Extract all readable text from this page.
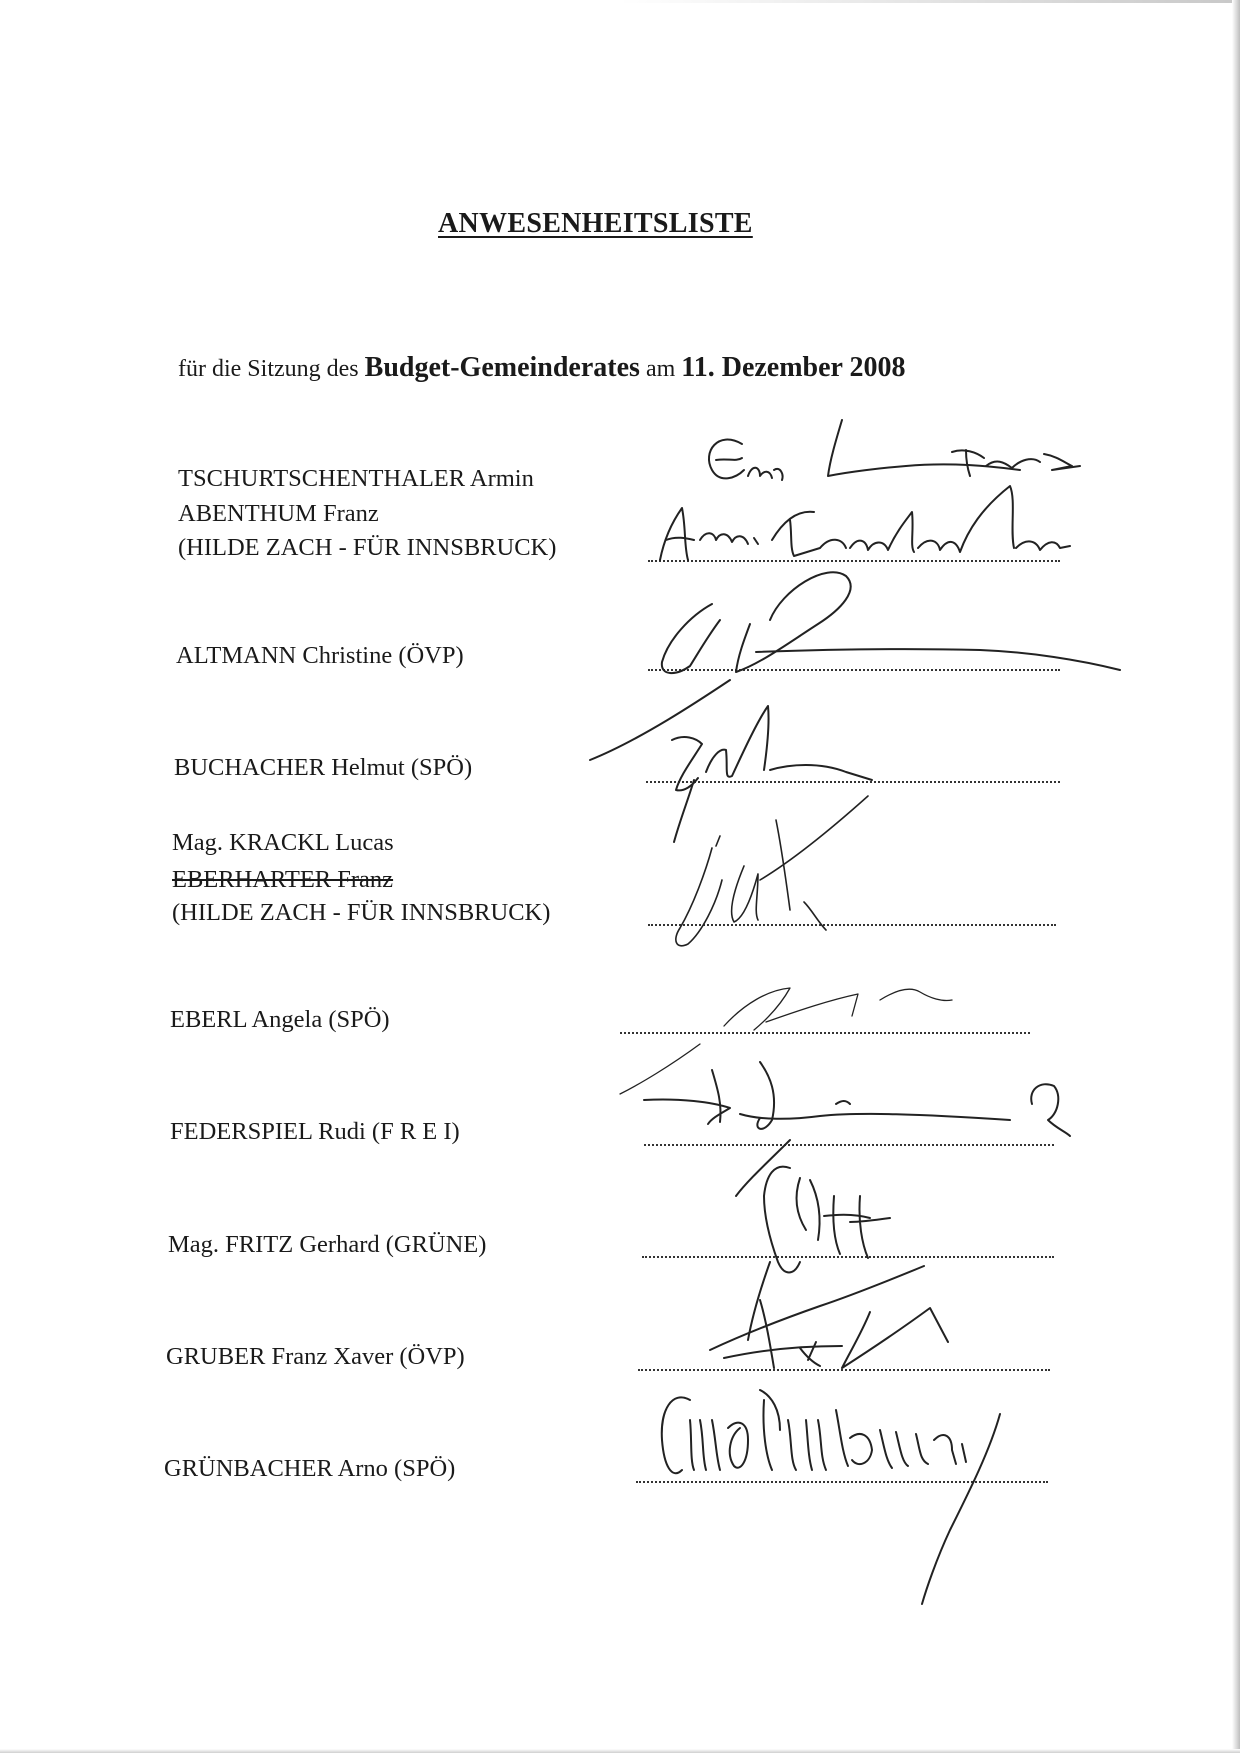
ANWESENHEITSLISTE
für die Sitzung des Budget-Gemeinderates am 11. Dezember 2008
TSCHURTSCHENTHALER Armin
ABENTHUM Franz
(HILDE ZACH - FÜR INNSBRUCK)
ALTMANN Christine (ÖVP)
BUCHACHER Helmut (SPÖ)
Mag. KRACKL Lucas
EBERHARTER Franz
(HILDE ZACH - FÜR INNSBRUCK)
EBERL Angela (SPÖ)
FEDERSPIEL Rudi (F R E I)
Mag. FRITZ Gerhard (GRÜNE)
GRUBER Franz Xaver (ÖVP)
GRÜNBACHER Arno (SPÖ)
